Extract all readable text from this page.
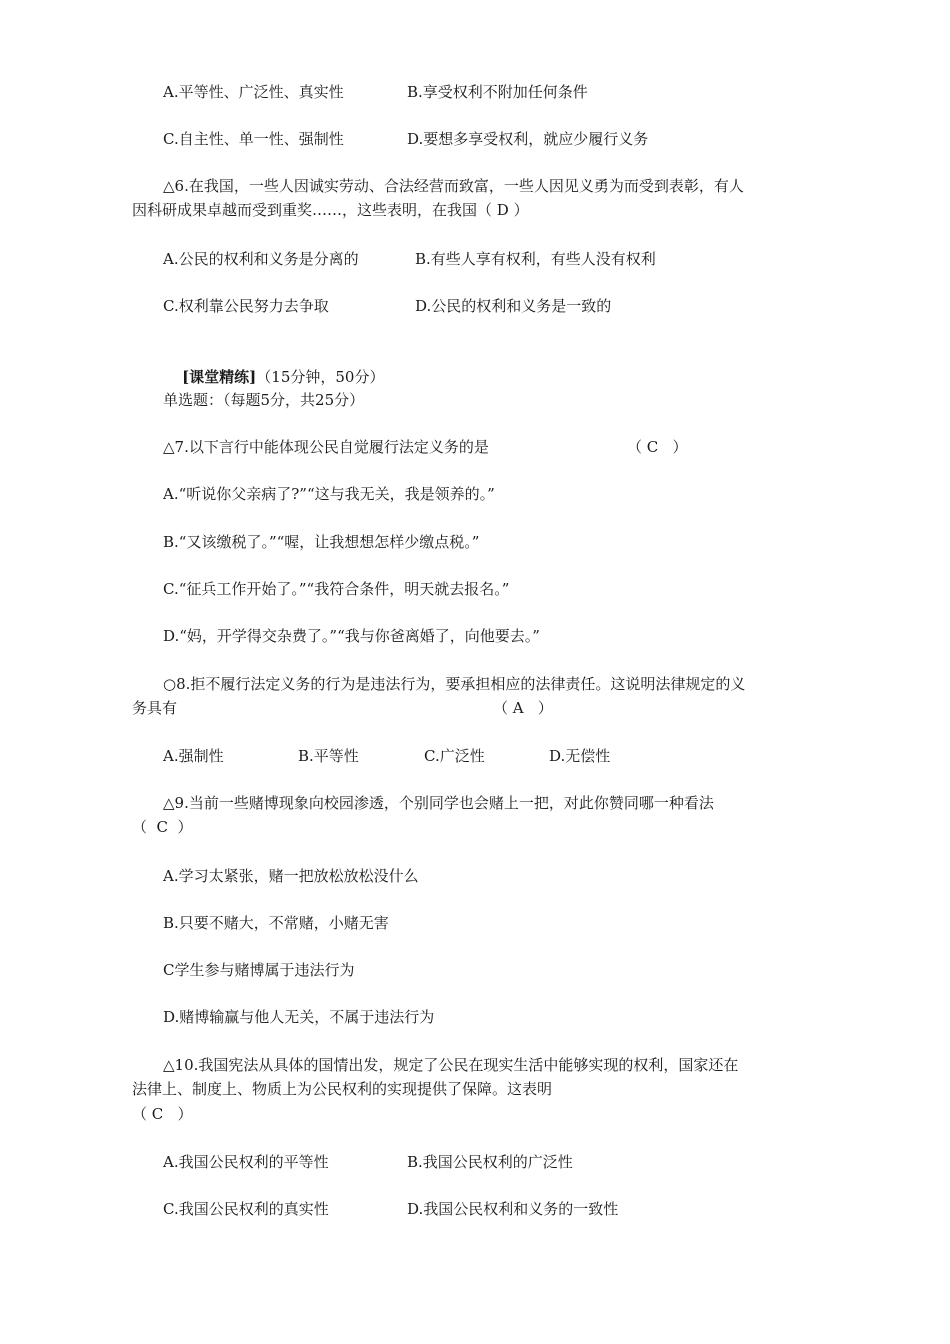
A.平等性、广泛性、真实性	B.享受权利不附加任何条件
C.自主性、单一性、强制性	D.要想多享受权利，就应少履行义务
△6.在我国，一些人因诚实劳动、合法经营而致富，一些人因见义勇为而受到表彰，有人
因科研成果卓越而受到重奖……，这些表明，在我国（ D ）
A.公民的权利和义务是分离的	B.有些人享有权利，有些人没有权利
C.权利靠公民努力去争取	D.公民的权利和义务是一致的

[课堂精练]（15分钟，50分）

单选题：（每题5分，共25分）
△7.以下言行中能体现公民自觉履行法定义务的是	（ C   ）
A.“听说你父亲病了?”“这与我无关，我是领养的。”
B.“又该缴税了。”“喔，让我想想怎样少缴点税。”
C.“征兵工作开始了。”“我符合条件，明天就去报名。”
D.“妈，开学得交杂费了。”“我与你爸离婚了，向他要去。”
○8.拒不履行法定义务的行为是违法行为，要承担相应的法律责任。这说明法律规定的义
务具有	（ A   ）
A.强制性	B.平等性	C.广泛性	D.无偿性
△9.当前一些赌博现象向校园渗透，个别同学也会赌上一把，对此你赞同哪一种看法
（  C  ）
A.学习太紧张，赌一把放松放松没什么
B.只要不赌大，不常赌，小赌无害
C学生参与赌博属于违法行为
D.赌博输赢与他人无关，不属于违法行为
△10.我国宪法从具体的国情出发，规定了公民在现实生活中能够实现的权利，国家还在
法律上、制度上、物质上为公民权利的实现提供了保障。这表明
（ C   ）
A.我国公民权利的平等性	B.我国公民权利的广泛性
C.我国公民权利的真实性	D.我国公民权利和义务的一致性
